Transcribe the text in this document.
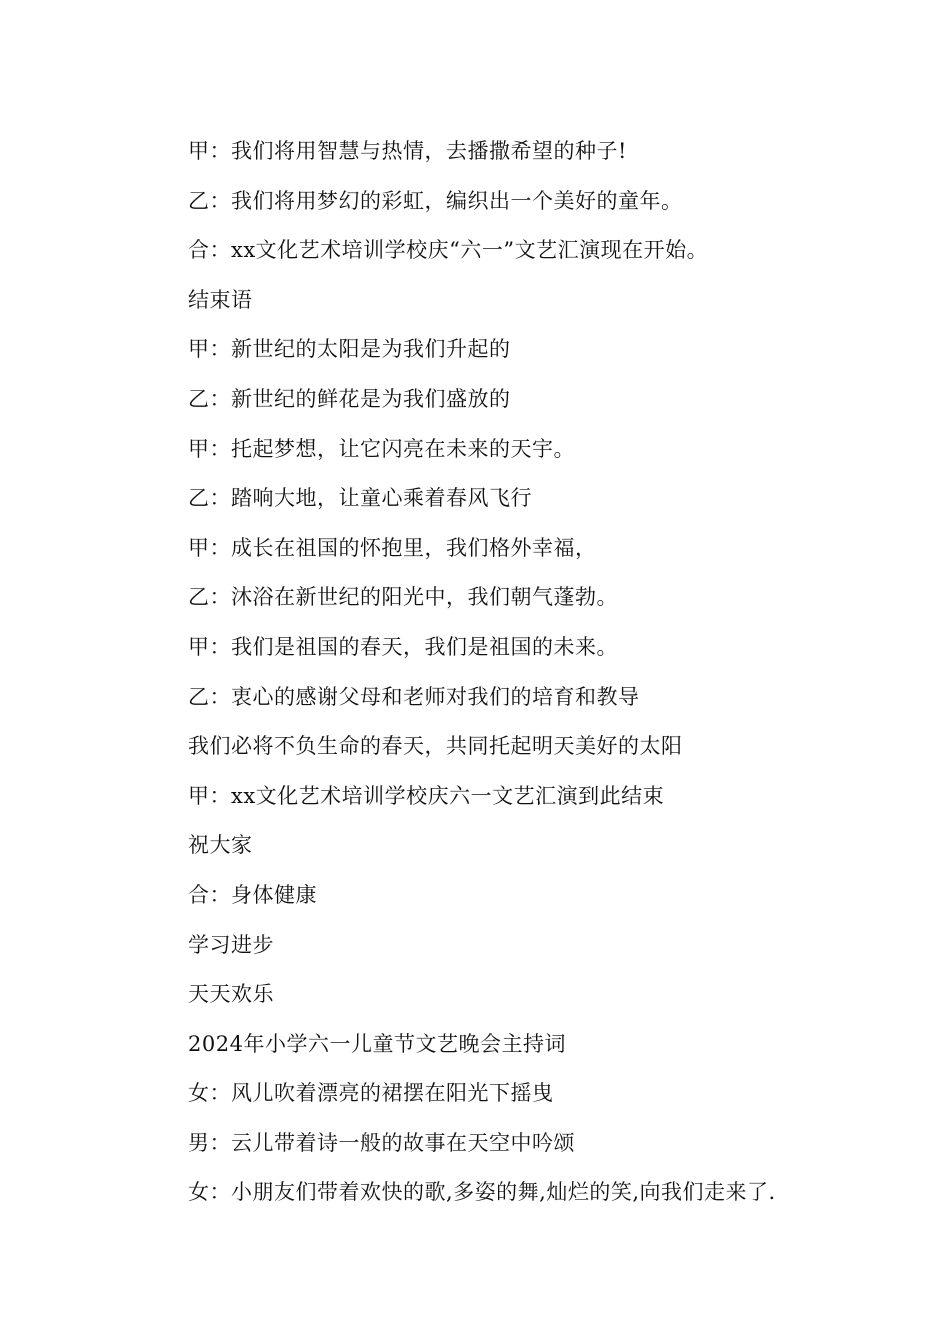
甲：我们将用智慧与热情，去播撒希望的种子!
乙：我们将用梦幻的彩虹，编织出一个美好的童年。
合：xx文化艺术培训学校庆“六一”文艺汇演现在开始。
结束语
甲：新世纪的太阳是为我们升起的
乙：新世纪的鲜花是为我们盛放的
甲：托起梦想，让它闪亮在未来的天宇。
乙：踏响大地，让童心乘着春风飞行
甲：成长在祖国的怀抱里，我们格外幸福，
乙：沐浴在新世纪的阳光中，我们朝气蓬勃。
甲：我们是祖国的春天，我们是祖国的未来。
乙：衷心的感谢父母和老师对我们的培育和教导
我们必将不负生命的春天，共同托起明天美好的太阳
甲：xx文化艺术培训学校庆六一文艺汇演到此结束
祝大家
合：身体健康
学习进步
天天欢乐
2024年小学六一儿童节文艺晚会主持词
女：风儿吹着漂亮的裙摆在阳光下摇曳
男：云儿带着诗一般的故事在天空中吟颂
女：小朋友们带着欢快的歌,多姿的舞,灿烂的笑,向我们走来了.
